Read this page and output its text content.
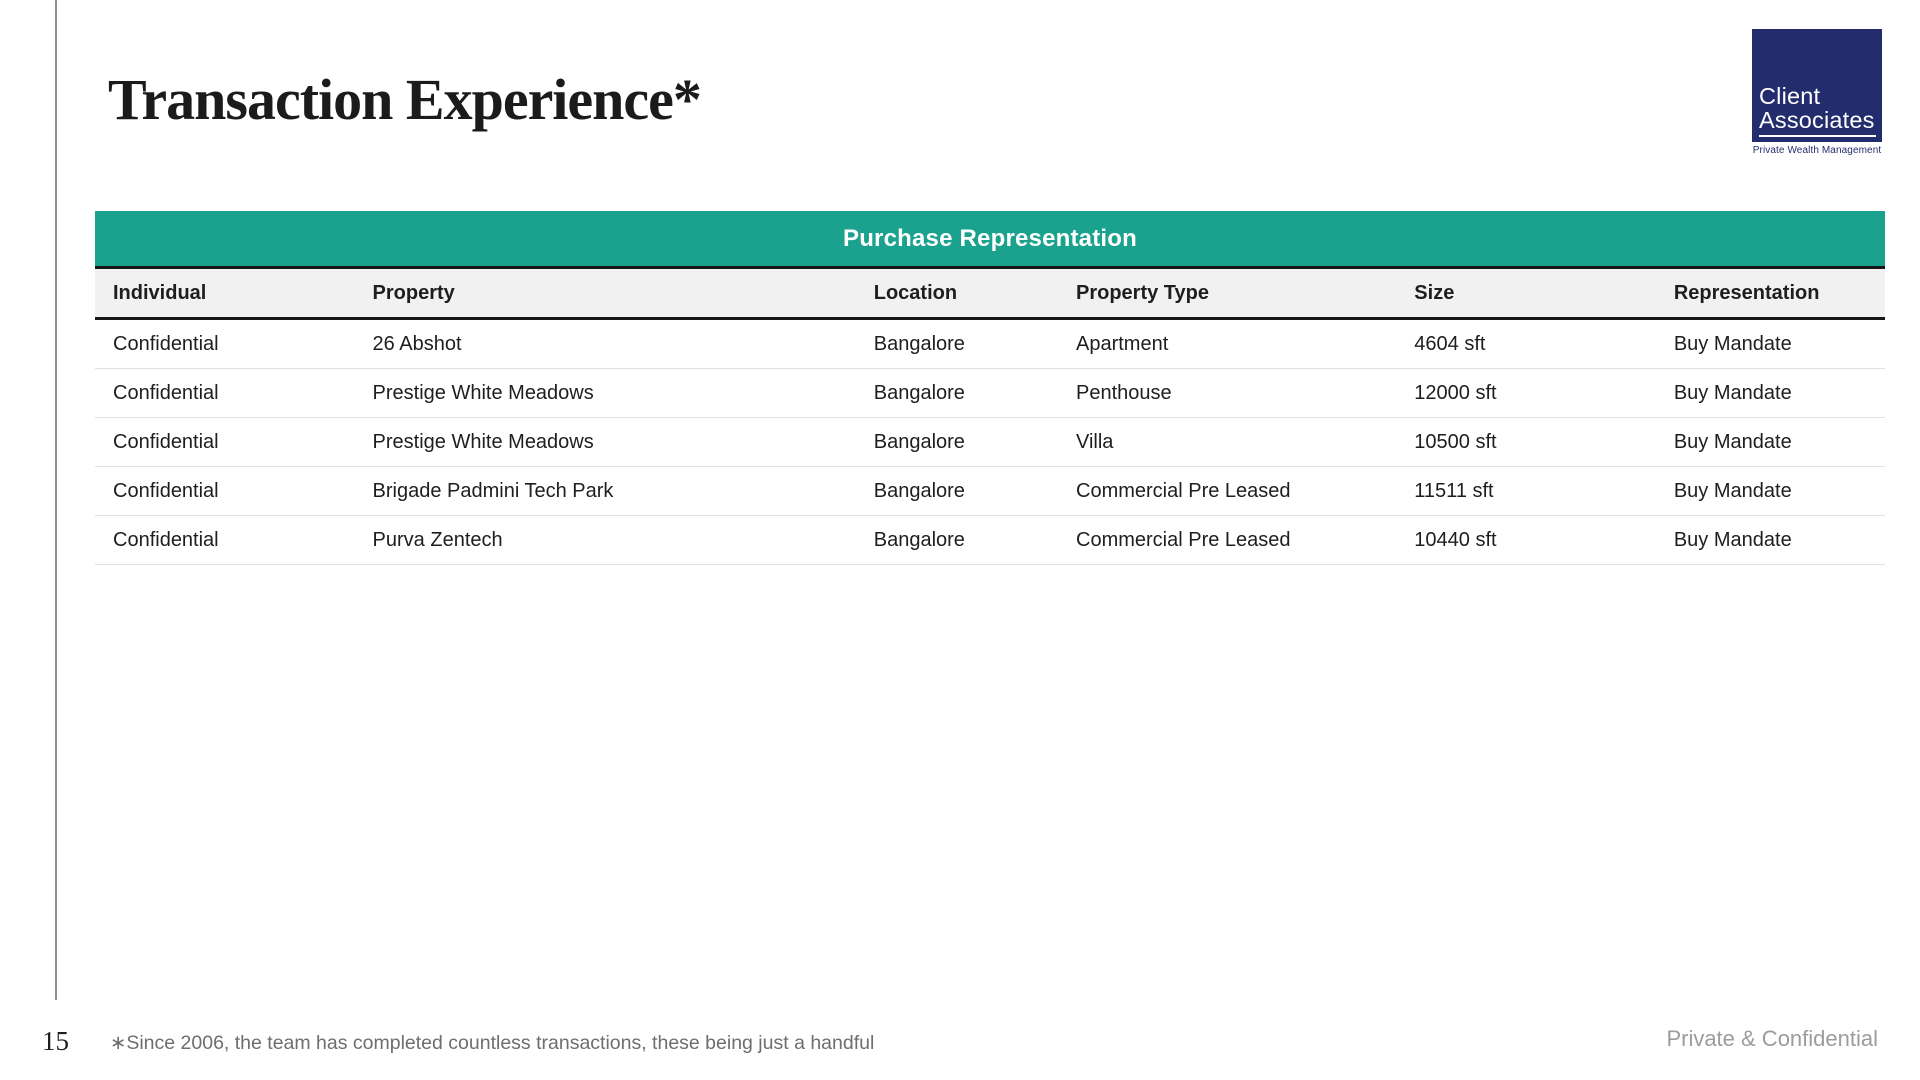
Transaction Experience*	Client
Associates
Private Wealth Management
Purchase Representation
Individual	Property	Location	Property Type	Size	Representation
Confidential	26 Abshot	Bangalore	Apartment	4604 sft	Buy Mandate
Confidential	Prestige White Meadows	Bangalore	Penthouse	12000 sft	Buy Mandate
Confidential	Prestige White Meadows	Bangalore	Villa	10500 sft	Buy Mandate
Confidential	Brigade Padmini Tech Park	Bangalore	Commercial Pre Leased	11511 sft	Buy Mandate
Confidential	Purva Zentech	Bangalore	Commercial Pre Leased	10440 sft	Buy Mandate
15 ∗Since 2006, the team has completed countless transactions, these being just a handful	Private & Confidential
